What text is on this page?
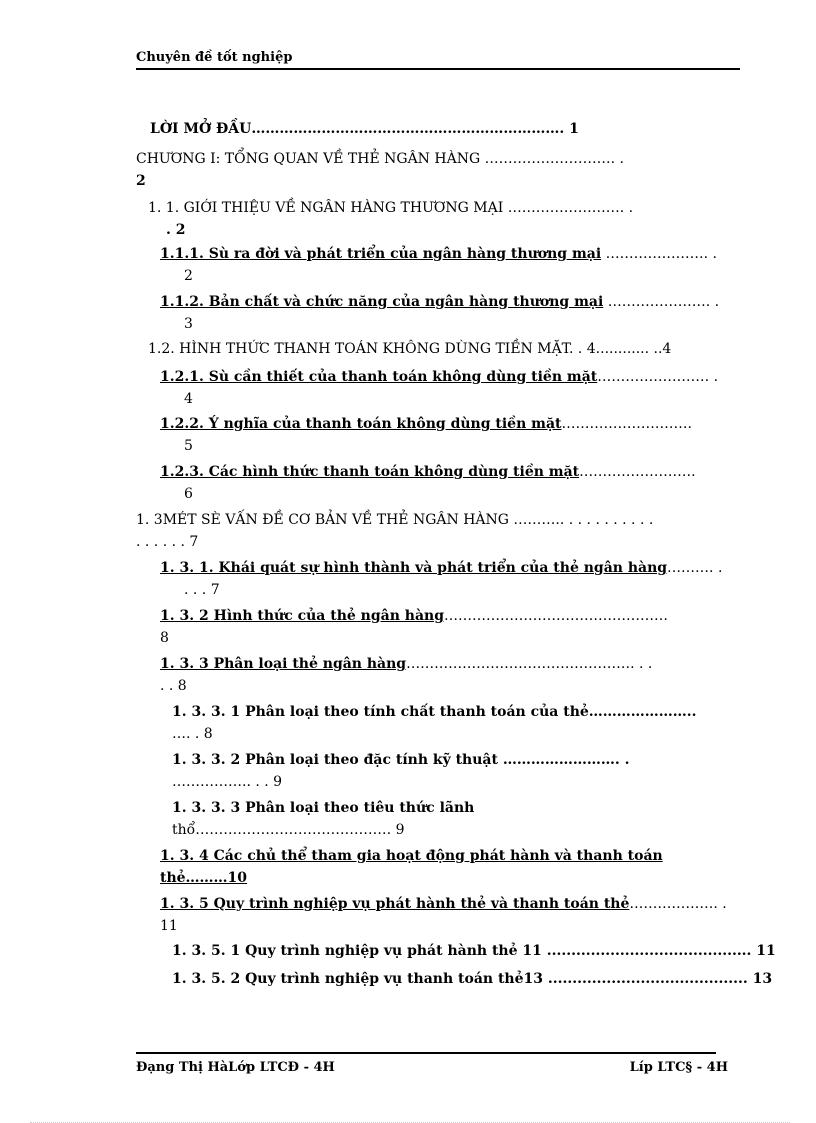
Chuyên đề tốt nghiệp
LỜI MỞ ĐẦU…………………………………………………………. 1
CHƯƠNG I: TỔNG QUAN VỀ THẺ NGÂN HÀNG ………………………. .
2
1. 1. GIỚI THIỆU VỀ NGÂN HÀNG THƯƠNG MẠI ……………………. .
. 2
1.1.1. Sù ra đời và phát triển của ngân hàng thương mại …………………. .
2
1.1.2. Bản chất và chức năng của ngân hàng thương mại …………………. .
3
1.2. HÌNH THỨC THANH TOÁN KHÔNG DÙNG TIỀN MẶT. . 4............ ..4
1.2.1. Sù cần thiết của thanh toán không dùng tiền mặt…………………… .
4
1.2.2. Ý nghĩa của thanh toán không dùng tiền mặt……………………….
5
1.2.3. Các hình thức thanh toán không dùng tiền mặt…………………….
6
1. 3MÉT SÈ VẤN ĐỀ CƠ BẢN VỀ THẺ NGÂN HÀNG ……….. . . . . . . . . . .
. . . . . . 7
1. 3. 1. Khái quát sự hình thành và phát triển của thẻ ngân hàng………. .
. . . 7
1. 3. 2 Hình thức của thẻ ngân hàng…………………………………………
8
1. 3. 3 Phân loại thẻ ngân hàng…………………………………………. . .
. . 8
1. 3. 3. 1 Phân loại theo tính chất thanh toán của thẻ…………………..
…. . 8
1. 3. 3. 2 Phân loại theo đặc tính kỹ thuật ……………………. .
…………….. . . 9
1. 3. 3. 3 Phân loại theo tiêu thức lãnh
thổ…………………………………… 9
1. 3. 4 Các chủ thể tham gia hoạt động phát hành và thanh toán
thẻ………10
1. 3. 5 Quy trình nghiệp vụ phát hành thẻ và thanh toán thẻ………………. .
11
1. 3. 5. 1 Quy trình nghiệp vụ phát hành thẻ 11 .......................................... 11
1. 3. 5. 2 Quy trình nghiệp vụ thanh toán thẻ13 ......................................... 13
Đạng Thị HàLớp LTCĐ - 4H	Líp LTC§ - 4H
